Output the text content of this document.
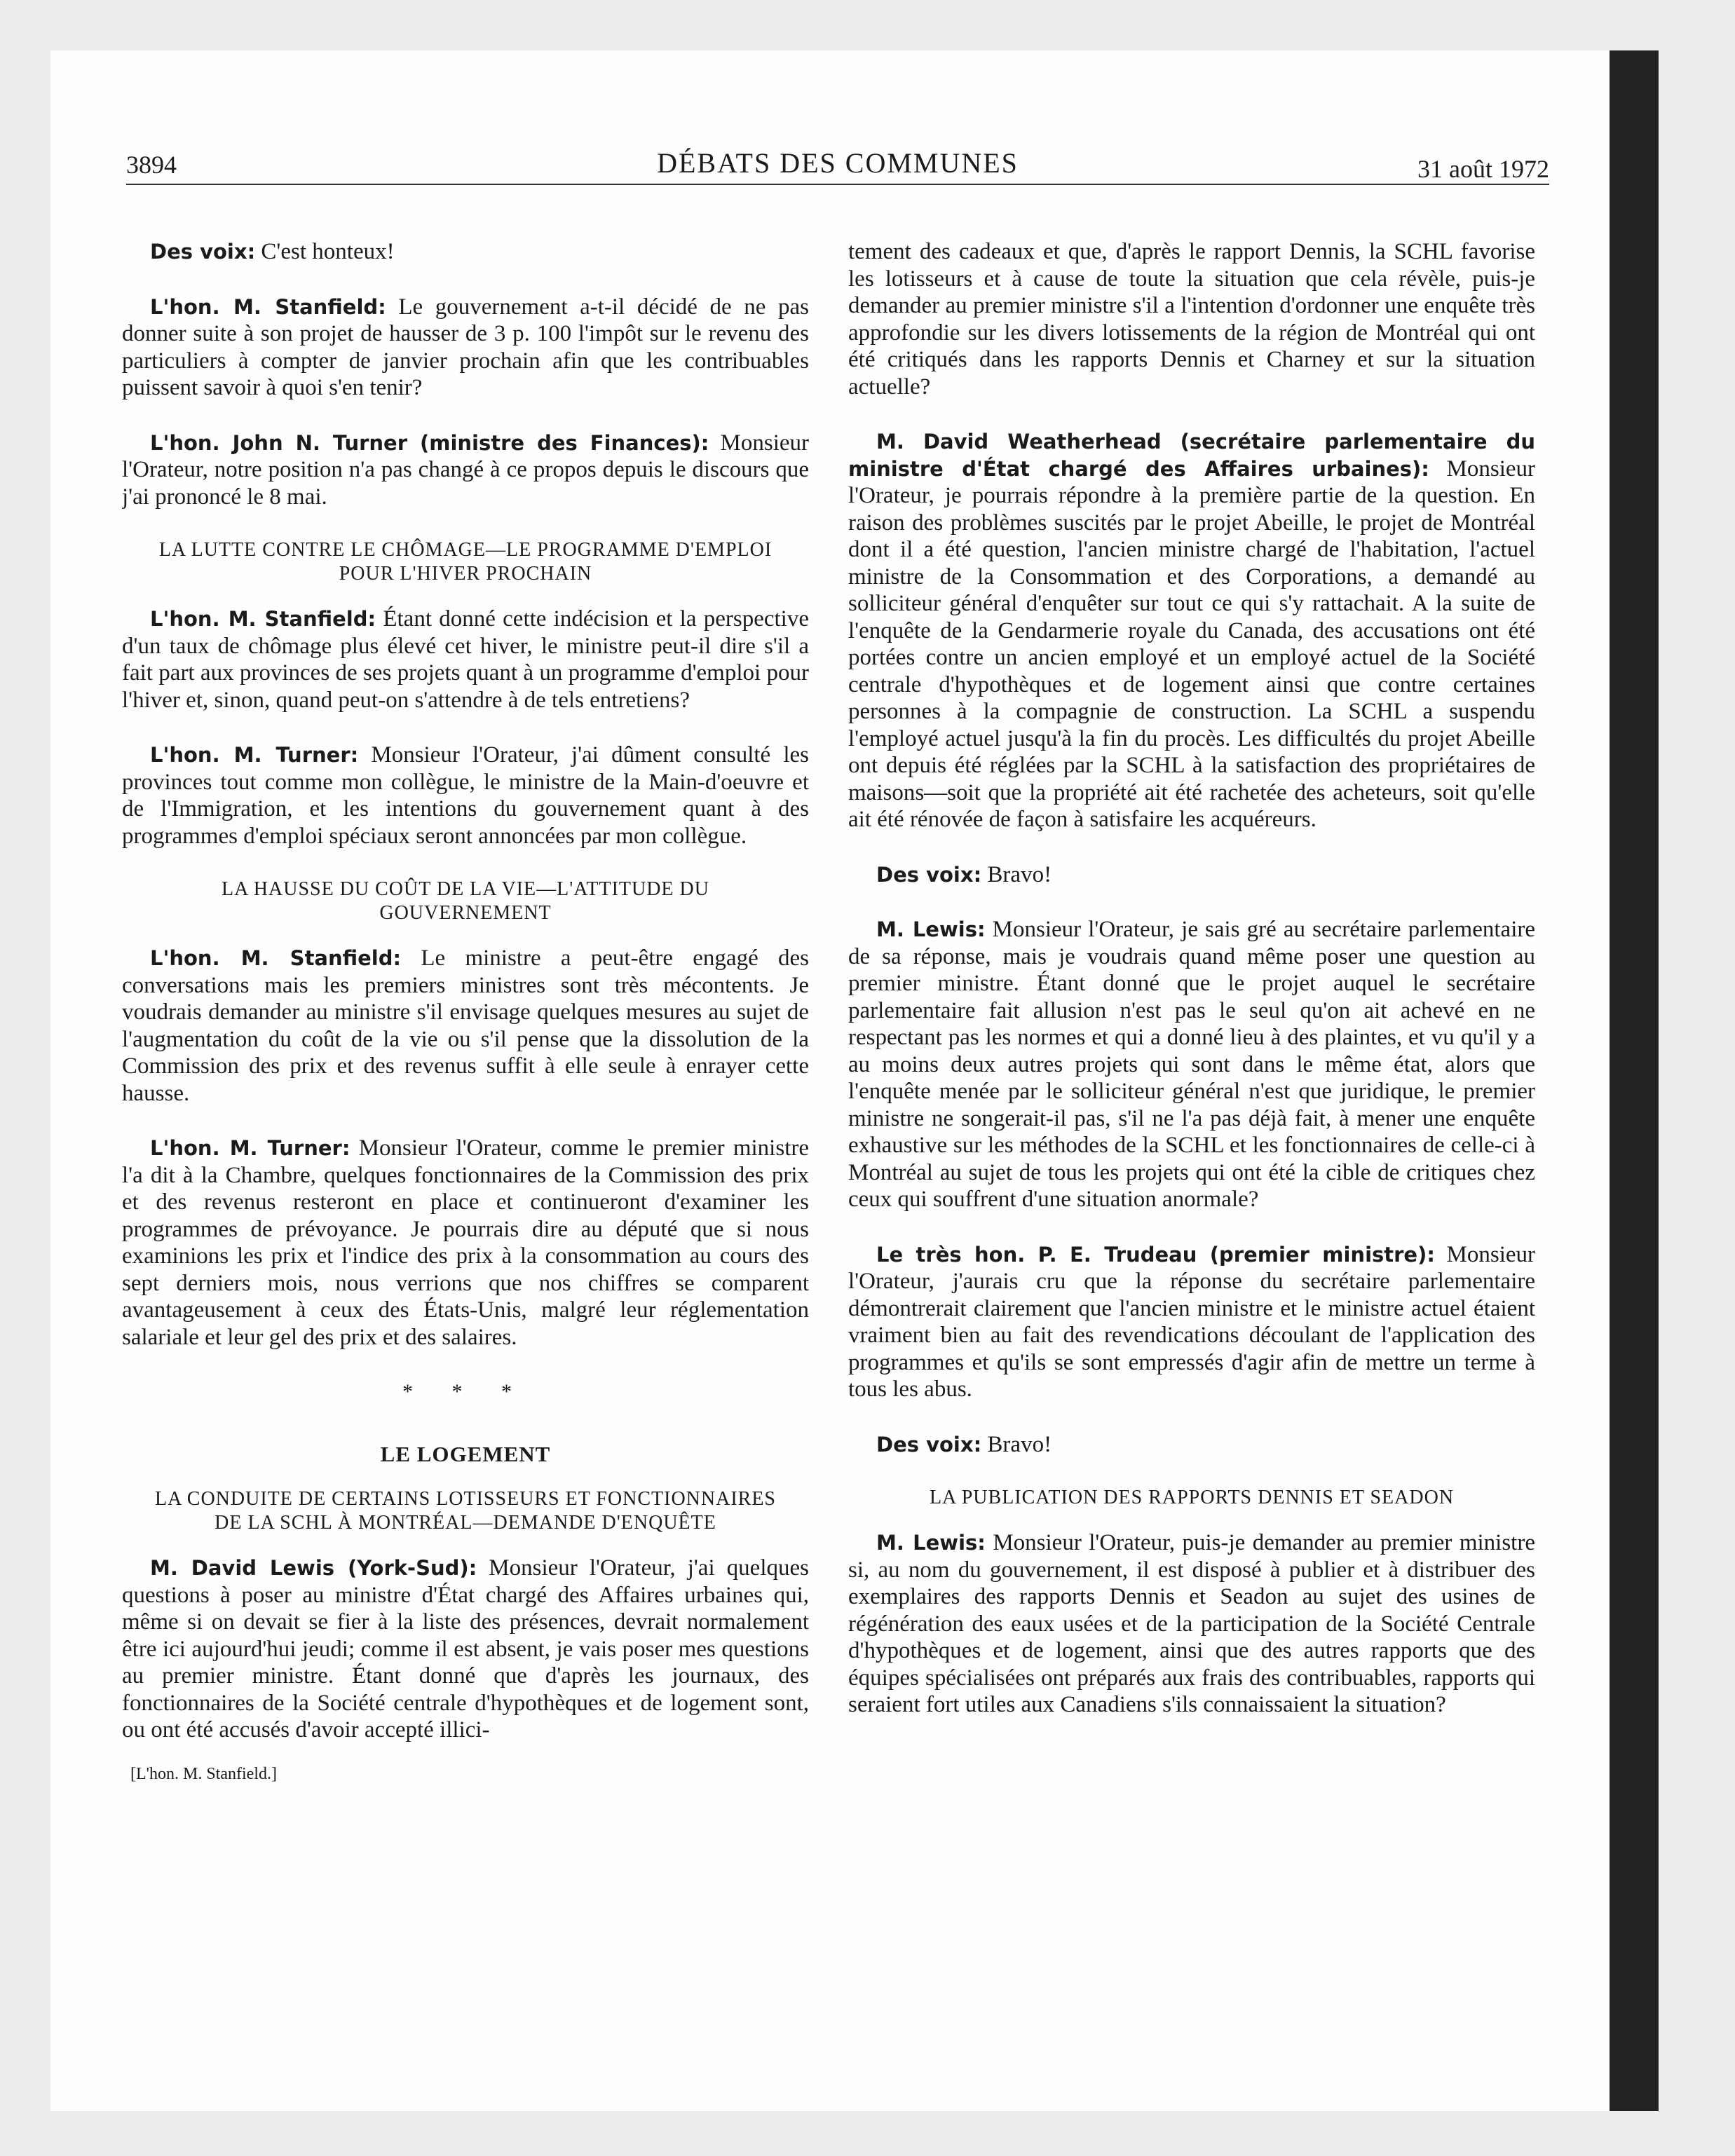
3894	DÉBATS DES COMMUNES	31 août 1972

Des voix: C'est honteux!

L'hon. M. Stanfield: Le gouvernement a-t-il décidé de ne pas donner suite à son projet de hausser de 3 p. 100 l'impôt sur le revenu des particuliers à compter de janvier prochain afin que les contribuables puissent savoir à quoi s'en tenir?

L'hon. John N. Turner (ministre des Finances): Monsieur l'Orateur, notre position n'a pas changé à ce propos depuis le discours que j'ai prononcé le 8 mai.

LA LUTTE CONTRE LE CHÔMAGE—LE PROGRAMME D'EMPLOI POUR L'HIVER PROCHAIN

L'hon. M. Stanfield: Étant donné cette indécision et la perspective d'un taux de chômage plus élevé cet hiver, le ministre peut-il dire s'il a fait part aux provinces de ses projets quant à un programme d'emploi pour l'hiver et, sinon, quand peut-on s'attendre à de tels entretiens?

L'hon. M. Turner: Monsieur l'Orateur, j'ai dûment consulté les provinces tout comme mon collègue, le ministre de la Main-d'oeuvre et de l'Immigration, et les intentions du gouvernement quant à des programmes d'emploi spéciaux seront annoncées par mon collègue.

LA HAUSSE DU COÛT DE LA VIE—L'ATTITUDE DU GOUVERNEMENT

L'hon. M. Stanfield: Le ministre a peut-être engagé des conversations mais les premiers ministres sont très mécontents. Je voudrais demander au ministre s'il envisage quelques mesures au sujet de l'augmentation du coût de la vie ou s'il pense que la dissolution de la Commission des prix et des revenus suffit à elle seule à enrayer cette hausse.

L'hon. M. Turner: Monsieur l'Orateur, comme le premier ministre l'a dit à la Chambre, quelques fonctionnaires de la Commission des prix et des revenus resteront en place et continueront d'examiner les programmes de prévoyance. Je pourrais dire au député que si nous examinions les prix et l'indice des prix à la consommation au cours des sept derniers mois, nous verrions que nos chiffres se comparent avantageusement à ceux des États-Unis, malgré leur réglementation salariale et leur gel des prix et des salaires.

* * *
LE LOGEMENT
LA CONDUITE DE CERTAINS LOTISSEURS ET FONCTIONNAIRES DE LA SCHL À MONTRÉAL—DEMANDE D'ENQUÊTE

M. David Lewis (York-Sud): Monsieur l'Orateur, j'ai quelques questions à poser au ministre d'État chargé des Affaires urbaines qui, même si on devait se fier à la liste des présences, devrait normalement être ici aujourd'hui jeudi; comme il est absent, je vais poser mes questions au premier ministre. Étant donné que d'après les journaux, des fonctionnaires de la Société centrale d'hypothèques et de logement sont, ou ont été accusés d'avoir accepté illici-

[L'hon. M. Stanfield.]

tement des cadeaux et que, d'après le rapport Dennis, la SCHL favorise les lotisseurs et à cause de toute la situation que cela révèle, puis-je demander au premier ministre s'il a l'intention d'ordonner une enquête très approfondie sur les divers lotissements de la région de Montréal qui ont été critiqués dans les rapports Dennis et Charney et sur la situation actuelle?

M. David Weatherhead (secrétaire parlementaire du ministre d'État chargé des Affaires urbaines): Monsieur l'Orateur, je pourrais répondre à la première partie de la question. En raison des problèmes suscités par le projet Abeille, le projet de Montréal dont il a été question, l'ancien ministre chargé de l'habitation, l'actuel ministre de la Consommation et des Corporations, a demandé au solliciteur général d'enquêter sur tout ce qui s'y rattachait. A la suite de l'enquête de la Gendarmerie royale du Canada, des accusations ont été portées contre un ancien employé et un employé actuel de la Société centrale d'hypothèques et de logement ainsi que contre certaines personnes à la compagnie de construction. La SCHL a suspendu l'employé actuel jusqu'à la fin du procès. Les difficultés du projet Abeille ont depuis été réglées par la SCHL à la satisfaction des propriétaires de maisons—soit que la propriété ait été rachetée des acheteurs, soit qu'elle ait été rénovée de façon à satisfaire les acquéreurs.

Des voix: Bravo!

M. Lewis: Monsieur l'Orateur, je sais gré au secrétaire parlementaire de sa réponse, mais je voudrais quand même poser une question au premier ministre. Étant donné que le projet auquel le secrétaire parlementaire fait allusion n'est pas le seul qu'on ait achevé en ne respectant pas les normes et qui a donné lieu à des plaintes, et vu qu'il y a au moins deux autres projets qui sont dans le même état, alors que l'enquête menée par le solliciteur général n'est que juridique, le premier ministre ne songerait-il pas, s'il ne l'a pas déjà fait, à mener une enquête exhaustive sur les méthodes de la SCHL et les fonctionnaires de celle-ci à Montréal au sujet de tous les projets qui ont été la cible de critiques chez ceux qui souffrent d'une situation anormale?

Le très hon. P. E. Trudeau (premier ministre): Monsieur l'Orateur, j'aurais cru que la réponse du secrétaire parlementaire démontrerait clairement que l'ancien ministre et le ministre actuel étaient vraiment bien au fait des revendications découlant de l'application des programmes et qu'ils se sont empressés d'agir afin de mettre un terme à tous les abus.

Des voix: Bravo!

LA PUBLICATION DES RAPPORTS DENNIS ET SEADON

M. Lewis: Monsieur l'Orateur, puis-je demander au premier ministre si, au nom du gouvernement, il est disposé à publier et à distribuer des exemplaires des rapports Dennis et Seadon au sujet des usines de régénération des eaux usées et de la participation de la Société Centrale d'hypothèques et de logement, ainsi que des autres rapports que des équipes spécialisées ont préparés aux frais des contribuables, rapports qui seraient fort utiles aux Canadiens s'ils connaissaient la situation?
